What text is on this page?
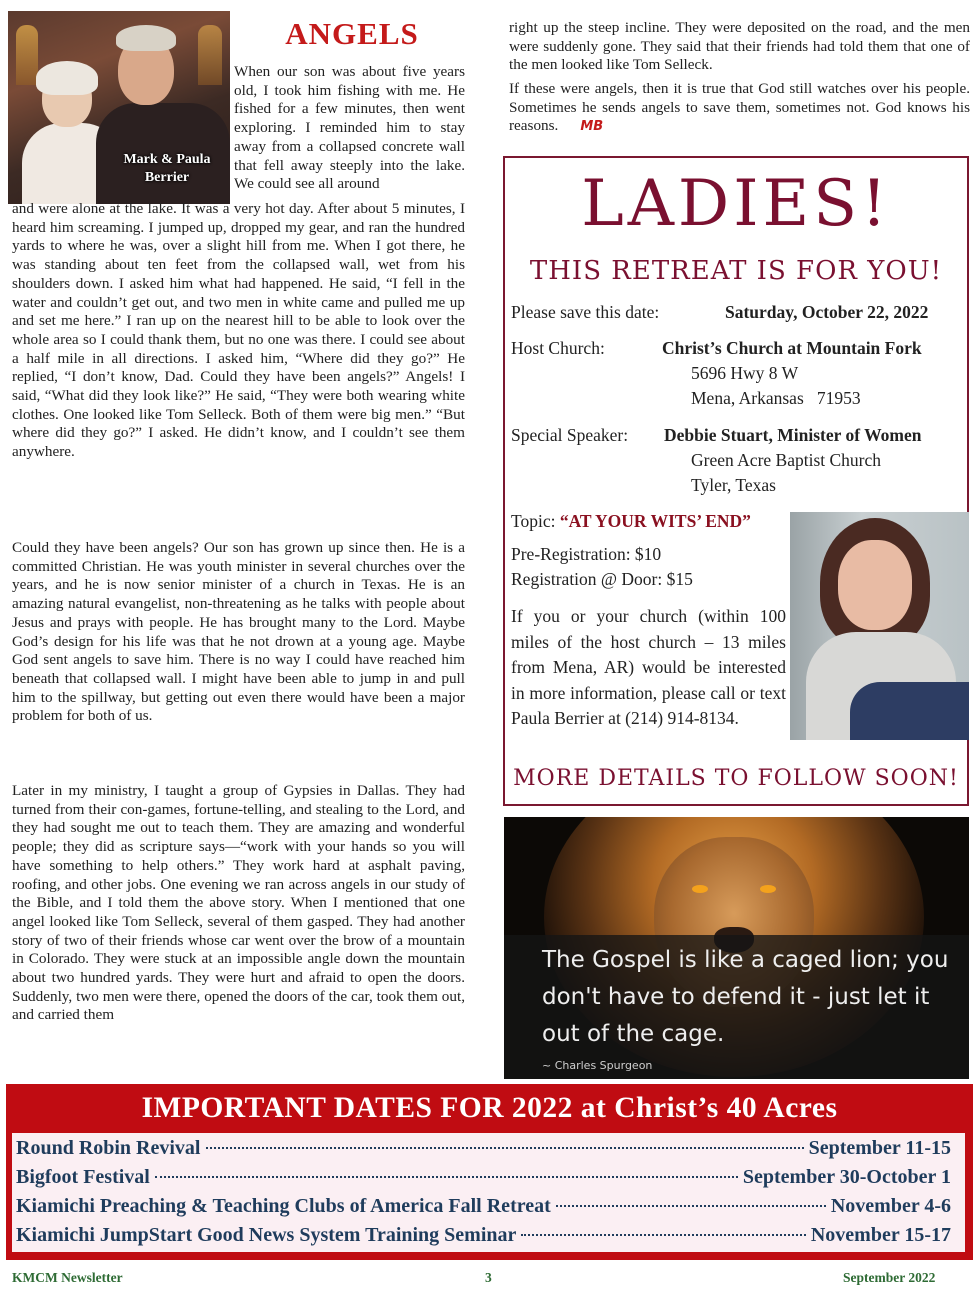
Mark & Paula
Berrier
ANGELS

When our son was about five years old, I took him fishing with me. He fished for a few minutes, then went exploring. I reminded him to stay away from a collapsed concrete wall that fell away steeply into the lake. We could see all around

and were alone at the lake. It was a very hot day. After about 5 minutes, I heard him screaming. I jumped up, dropped my gear, and ran the hundred yards to where he was, over a slight hill from me. When I got there, he was standing about ten feet from the collapsed wall, wet from his shoulders down. I asked him what had happened. He said, “I fell in the water and couldn’t get out, and two men in white came and pulled me up and set me here.” I ran up on the nearest hill to be able to look over the whole area so I could thank them, but no one was there. I could see about a half mile in all directions. I asked him, “Where did they go?” He replied, “I don’t know, Dad. Could they have been angels?” Angels! I said, “What did they look like?” He said, “They were both wearing white clothes. One looked like Tom Selleck. Both of them were big men.” “But where did they go?” I asked. He didn’t know, and I couldn’t see them anywhere.

Could they have been angels? Our son has grown up since then. He is a committed Christian. He was youth minister in several churches over the years, and he is now senior minister of a church in Texas. He is an amazing natural evangelist, non-threatening as he talks with people about Jesus and prays with people. He has brought many to the Lord. Maybe God’s design for his life was that he not drown at a young age. Maybe God sent angels to save him. There is no way I could have reached him beneath that collapsed wall. I might have been able to jump in and pull him to the spillway, but getting out even there would have been a major problem for both of us.

Later in my ministry, I taught a group of Gypsies in Dallas. They had turned from their con-games, fortune-telling, and stealing to the Lord, and they had sought me out to teach them. They are amazing and wonderful people; they did as scripture says—“work with your hands so you will have something to help others.” They work hard at asphalt paving, roofing, and other jobs. One evening we ran across angels in our study of the Bible, and I told them the above story. When I mentioned that one angel looked like Tom Selleck, several of them gasped. They had another story of two of their friends whose car went over the brow of a mountain in Colorado. They were stuck at an impossible angle down the mountain about two hundred yards. They were hurt and afraid to open the doors. Suddenly, two men were there, opened the doors of the car, took them out, and carried them

right up the steep incline. They were deposited on the road, and the men were suddenly gone. They said that their friends had told them that one of the men looked like Tom Selleck.

If these were angels, then it is true that God still watches over his people. Sometimes he sends angels to save them, sometimes not. God knows his reasons. MB

LADIES!
THIS RETREAT IS FOR YOU!
Please save this date:	Saturday, October 22, 2022
Host Church:	Christ’s Church at Mountain Fork
5696 Hwy 8 W
Mena, Arkansas   71953
Special Speaker: Debbie Stuart, Minister of Women
Green Acre Baptist Church
Tyler, Texas
Topic: “AT YOUR WITS’ END”
Pre-Registration: $10
Registration @ Door: $15

If you or your church (within 100 miles of the host church – 13 miles from Mena, AR) would be interested in more information, please call or text Paula Berrier at (214) 914-8134.

MORE DETAILS TO FOLLOW SOON!
The Gospel is like a caged lion; you don't have to defend it - just let it out of the cage.
~ Charles Spurgeon
IMPORTANT DATES FOR 2022 at Christ’s 40 Acres
Round Robin Revival	September 11-15
Bigfoot Festival	September 30-October 1
Kiamichi Preaching & Teaching Clubs of America Fall Retreat	November 4-6
Kiamichi JumpStart Good News System Training Seminar	November 15-17
KMCM Newsletter	3	September 2022
